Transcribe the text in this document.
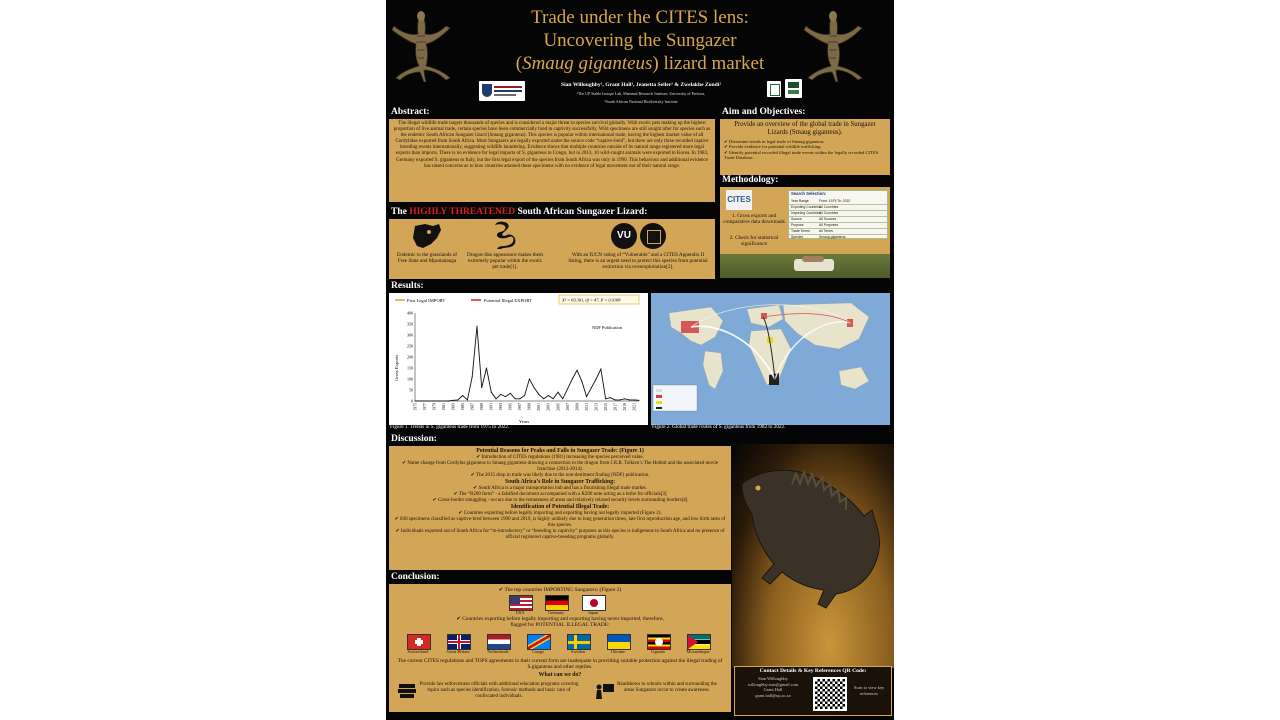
Trade under the CITES lens:
Uncovering the Sungazer
(Smaug giganteus) lizard market
Sian Willoughby¹, Grant Hall¹, Jeanetta Seiler² & Zwelakhe Zondi²
¹The UP Stable Isotope Lab, Mammal Research Institute, University of Pretoria,
²South African National Biodiversity Institute
Abstract:
The illegal wildlife trade targets thousands of species and is considered a major threat to species survival globally. With exotic pets making up the highest proportion of live animal trade, certain species have been commercially bred in captivity successfully. Wild specimens are still sought after for species such as the endemic South African Sungazer lizard (Smaug giganteus). This species is popular within international trade, having the highest market value of all Cordylidae exported from South Africa. Most Sungazers are legally exported under the source code “captive-bred”, but there are only three recorded captive breeding events internationally, suggesting wildlife laundering. Evidence shows that multiple countries outside of its natural range registered more legal exports than imports. There is no evidence for legal imports of S. giganteus to Congo, but in 2013, 10 wild-caught animals were exported to Korea. In 1983, Germany exported S. giganteus to Italy, but the first legal export of the species from South Africa was only in 1990. This behaviour and additional evidence has raised concerns as to how countries attained these specimens with no evidence of legal movement out of their natural range.
Aim and Objectives:
Provide an overview of the global trade in Sungazer Lizards (Smaug giganteus).
✔ Determine trends in legal trade of Smaug giganteus.
✔ Provide evidence for potential wildlife trafficking.
✔ Identify potential recorded illegal trade events within the legally recorded CITES Trade Database.
Methodology:
CITES
1. Gross exports and comparative data downloads
2. Check for statistical significance
Search Selection:
Year Range	From: 1975 To: 2022
Exporting Countries
All Countries
Importing Countries
All Countries
Source	All Sources
Purpose	All Purposes
Trade Terms	All Terms
Species	Smaug giganteus
The HIGHLY THREATENED South African Sungazer Lizard:
Endemic to the grasslands of Free State and Mpumalanga
Dragon-like appearance makes them extremely popular within the exotic pet trade[1].
VU
With an IUCN rating of “Vulnerable” and a CITES Appendix II listing, there is an urgent need to protect this species from potential extinction via overexploitation[2].
Results:
First Legal IMPORT	Potential Illegal EXPORT	X² = 69.301, df = 47, P = 0.0188
0
50
100
150
200
250
300
350
400
1975 1977 1979 1981 1983 1985 1987 1989 1991 1993 1995 1997 1999 2001 2003 2005 2007 2009 2011 2013 2015 2017 2019 2021
Gross Exports
Years
NDF Publication
Figure 1. Trends in S. giganteus trade from 1975 to 2022.	Figure 2. Global trade routes of S. giganteus from 1982 to 2022.
Discussion:
Potential Reasons for Peaks and Falls in Sungazer Trade: (Figure 1)
✔ Introduction of CITES regulations (1981) increasing the species perceived value.
✔ Name change from Cordylus giganteus to Smaug giganteus drawing a connection to the dragon from J.R.R. Tolkien’s The Hobbit and the associated movie franchise (2012-2014).
✔ The 2015 drop in trade was likely due to the non-detriment finding (NDF) publication.
South Africa’s Role in Sungazer Trafficking:
✔ South Africa is a major transportation hub and has a flourishing illegal trade market.
✔ The “R200 form” - a falsified document accompanied with a R200 note acting as a bribe for officials[3]
✔ Cross-border smuggling - occurs due to the remoteness of areas and relatively relaxed security levels surrounding borders[4]
Identification of Potential Illegal Trade:
✔ Countries exporting before legally importing and exporting having not legally imported (Figure 2).
✔ 830 specimens classified as captive-bred between 1990 and 2019, is highly unlikely due to long generation times, late first reproduction age, and low birth rates of this species.
✔ Individuals exported out of South Africa for “re-introductory” or “breeding in captivity” purposes as this species is indigenous to South Africa and no presence of official registered captive-breeding programs globally.
Conclusion:
✔ The top countries IMPORTING Sungazers: (Figure 2)
USA	Germany	Japan
✔ Countries exporting before legally importing and exporting having never imported, therefore,
flagged for POTENTIAL ILLEGAL TRADE:
Switzerland	Great Britain	Netherlands	Congo	Sweden	Ukraine	Uganda	Mozambique
The current CITES regulations and TOPS agreements in their current form are inadequate in providing suitable protection against the illegal trading of S.giganteus and other reptiles.
What can we do?
Provide law enforcement officials with additional education programs covering topics such as species identification, forensic methods and basic care of confiscated individuals.
Roadshows to schools within and surrounding the areas Sungazers occur to create awareness.
Contact Details & Key References QR Code:
Sian Willoughby
willoughby.sian@gmail.com
Grant Hall
grant.hall@up.ac.za
Scan to view key references
